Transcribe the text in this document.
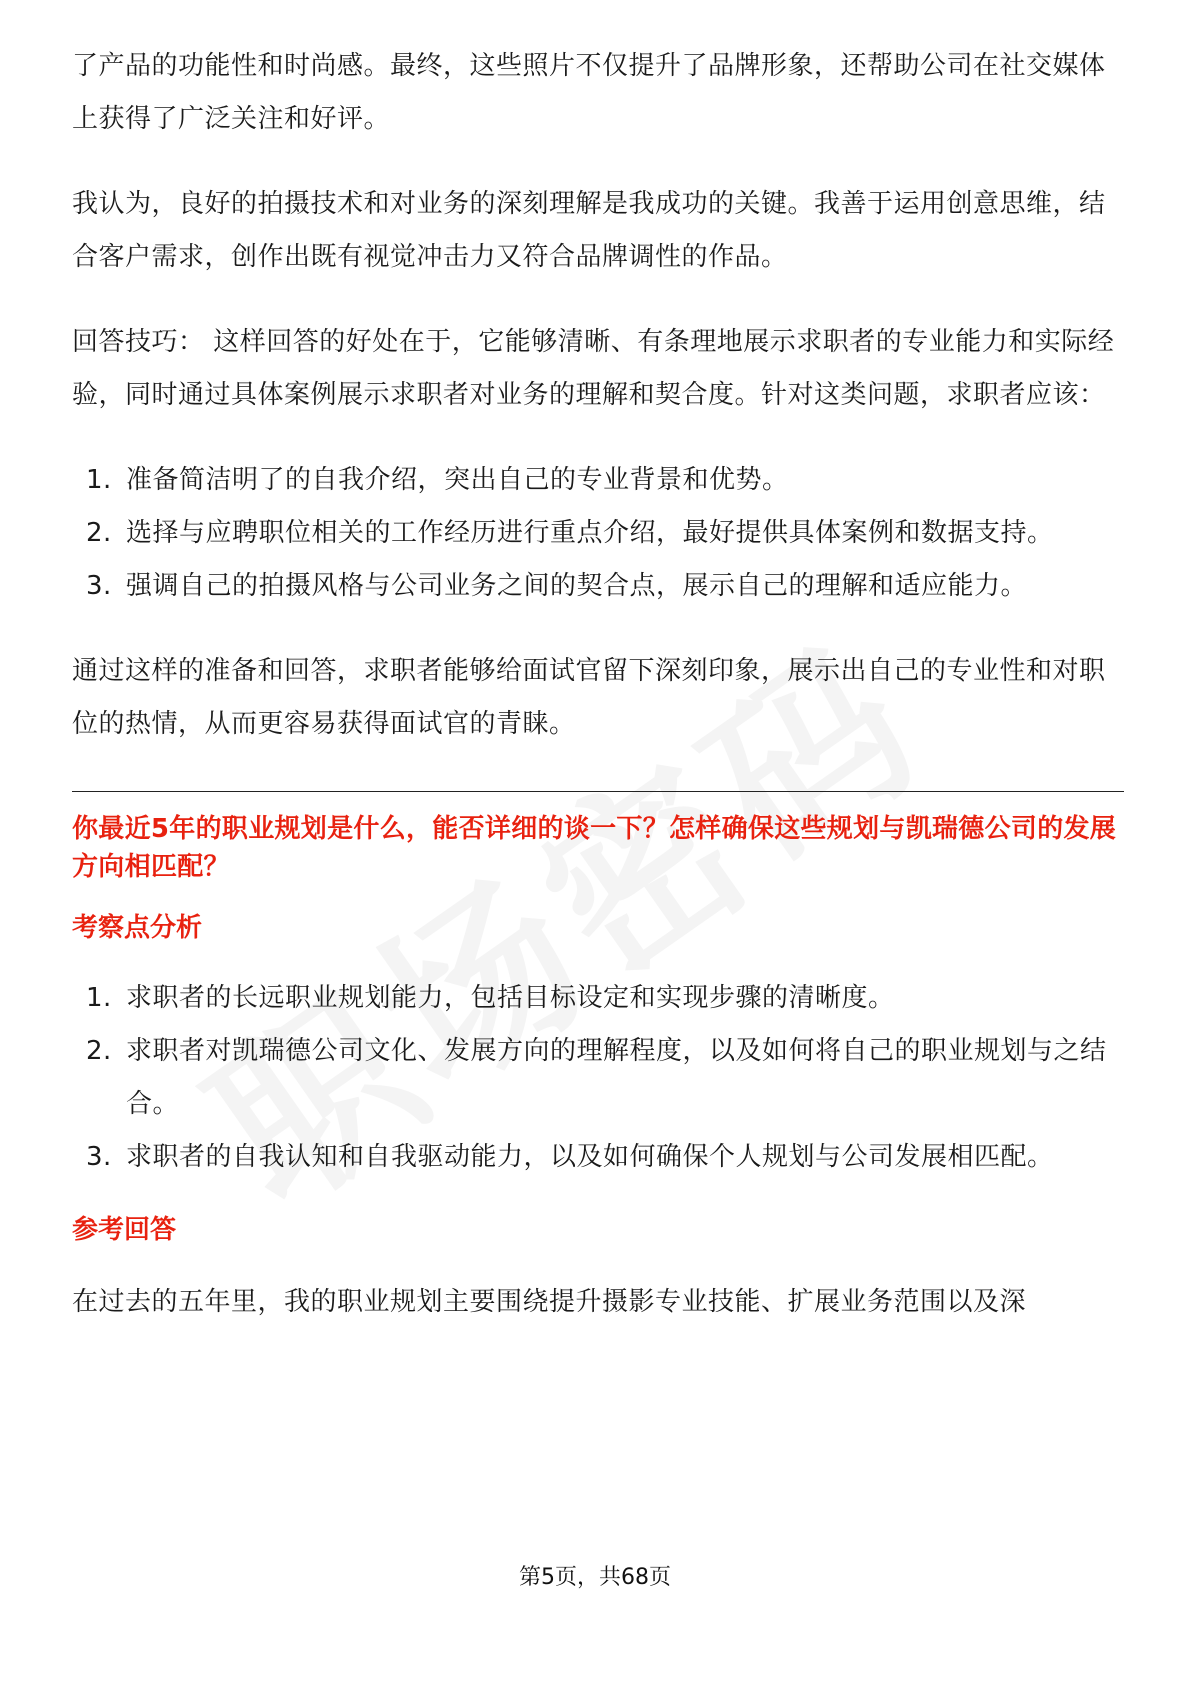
了产品的功能性和时尚感。最终，这些照片不仅提升了品牌形象，还帮助公司在社交媒体上获得了广泛关注和好评。

我认为，良好的拍摄技术和对业务的深刻理解是我成功的关键。我善于运用创意思维，结合客户需求，创作出既有视觉冲击力又符合品牌调性的作品。

回答技巧： 这样回答的好处在于，它能够清晰、有条理地展示求职者的专业能力和实际经验，同时通过具体案例展示求职者对业务的理解和契合度。针对这类问题，求职者应该：

1. 准备简洁明了的自我介绍，突出自己的专业背景和优势。
2. 选择与应聘职位相关的工作经历进行重点介绍，最好提供具体案例和数据支持。
3. 强调自己的拍摄风格与公司业务之间的契合点，展示自己的理解和适应能力。

通过这样的准备和回答，求职者能够给面试官留下深刻印象，展示出自己的专业性和对职位的热情，从而更容易获得面试官的青睐。

你最近5年的职业规划是什么，能否详细的谈一下？怎样确保这些规划与凯瑞德公司的发展方向相匹配？

考察点分析

1. 求职者的长远职业规划能力，包括目标设定和实现步骤的清晰度。
2. 求职者对凯瑞德公司文化、发展方向的理解程度，以及如何将自己的职业规划与之结合。
3. 求职者的自我认知和自我驱动能力，以及如何确保个人规划与公司发展相匹配。

参考回答

在过去的五年里，我的职业规划主要围绕提升摄影专业技能、扩展业务范围以及深

第5页，共68页
